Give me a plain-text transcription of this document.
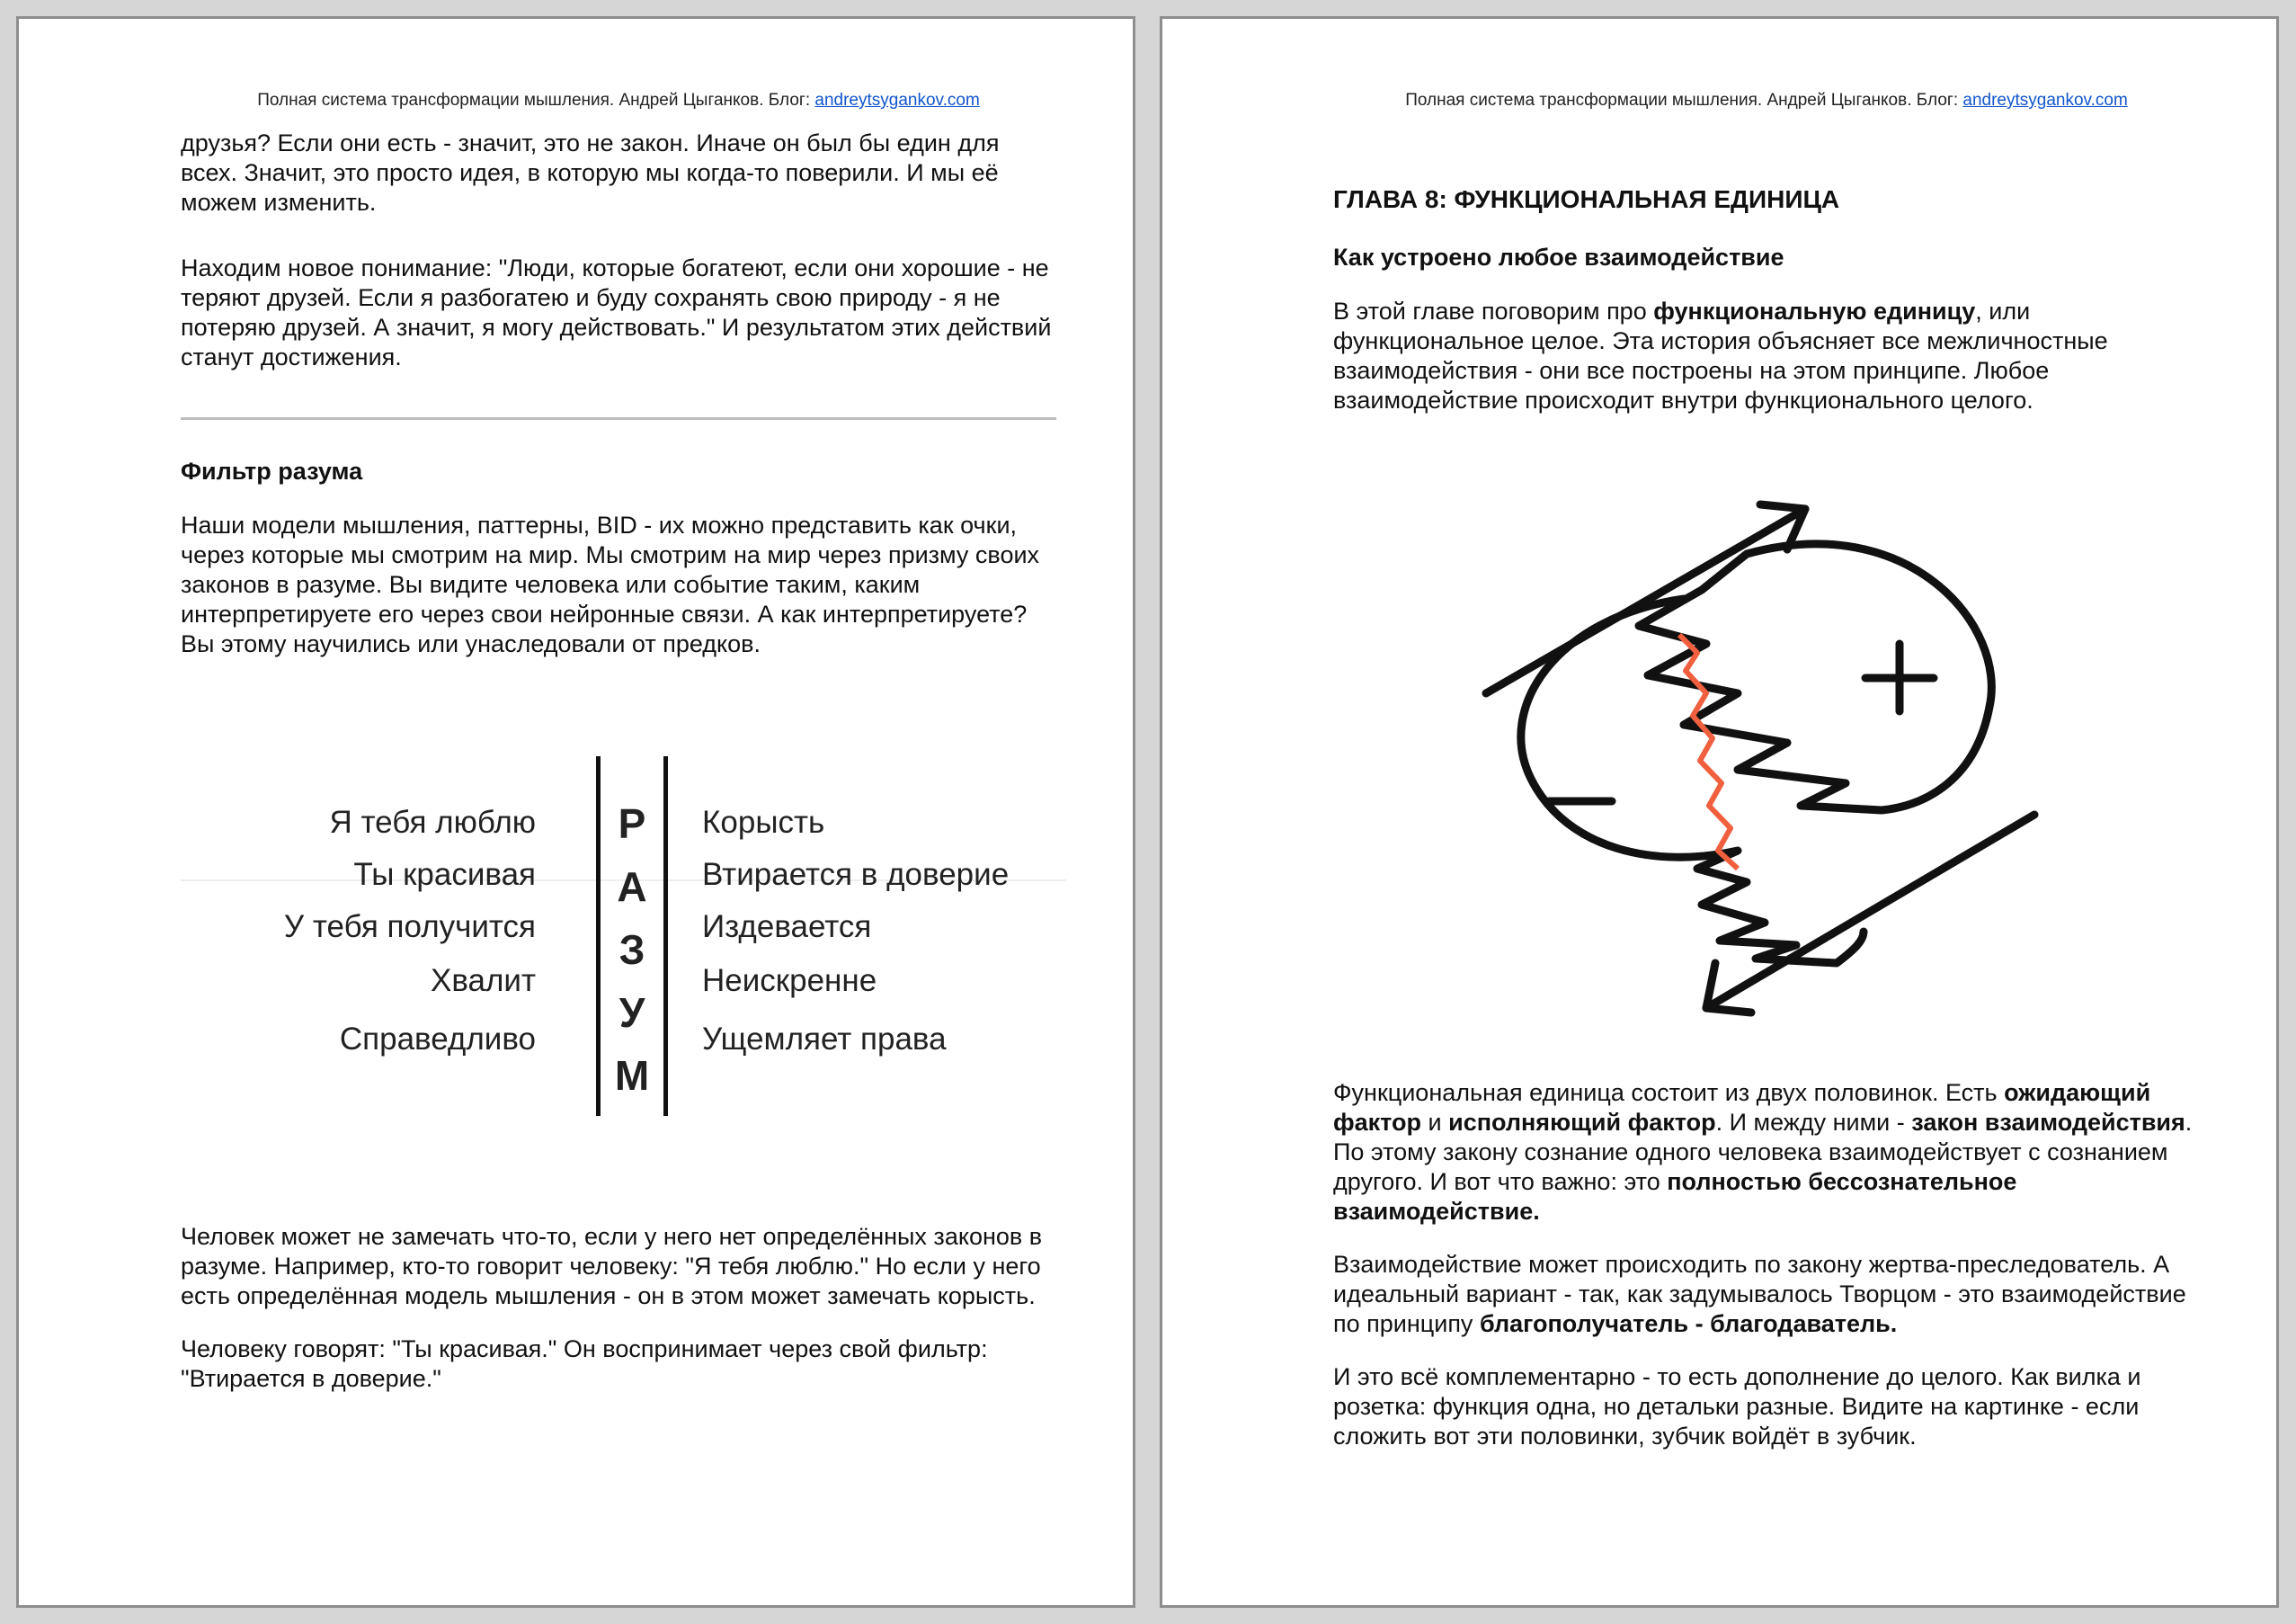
Полная система трансформации мышления. Андрей Цыганков. Блог: andreytsygankov.com

друзья? Если они есть - значит, это не закон. Иначе он был бы един для всех. Значит, это просто идея, в которую мы когда-то поверили. И мы её можем изменить.

Находим новое понимание: "Люди, которые богатеют, если они хорошие - не теряют друзей. Если я разбогатею и буду сохранять свою природу - я не потеряю друзей. А значит, я могу действовать." И результатом этих действий станут достижения.

Фильтр разума

Наши модели мышления, паттерны, BID - их можно представить как очки, через которые мы смотрим на мир. Мы смотрим на мир через призму своих законов в разуме. Вы видите человека или событие таким, каким интерпретируете его через свои нейронные связи. А как интерпретируете? Вы этому научились или унаследовали от предков.

Я тебя люблю
Ты красивая
У тебя получится
Хвалит
Справедливо
Р
А
З
У
М
Корысть
Втирается в доверие
Издевается
Неискренне
Ущемляет права

Человек может не замечать что-то, если у него нет определённых законов в разуме. Например, кто-то говорит человеку: "Я тебя люблю." Но если у него есть определённая модель мышления - он в этом может замечать корысть.

Человеку говорят: "Ты красивая." Он воспринимает через свой фильтр: "Втирается в доверие."

Полная система трансформации мышления. Андрей Цыганков. Блог: andreytsygankov.com
ГЛАВА 8: ФУНКЦИОНАЛЬНАЯ ЕДИНИЦА
Как устроено любое взаимодействие

В этой главе поговорим про функциональную единицу, или функциональное целое. Эта история объясняет все межличностные взаимодействия - они все построены на этом принципе. Любое взаимодействие происходит внутри функционального целого.

Функциональная единица состоит из двух половинок. Есть ожидающий фактор и исполняющий фактор. И между ними - закон взаимодействия. По этому закону сознание одного человека взаимодействует с сознанием другого. И вот что важно: это полностью бессознательное взаимодействие.

Взаимодействие может происходить по закону жертва-преследователь. А идеальный вариант - так, как задумывалось Творцом - это взаимодействие по принципу благополучатель - благодаватель.

И это всё комплементарно - то есть дополнение до целого. Как вилка и розетка: функция одна, но детальки разные. Видите на картинке - если сложить вот эти половинки, зубчик войдёт в зубчик.
